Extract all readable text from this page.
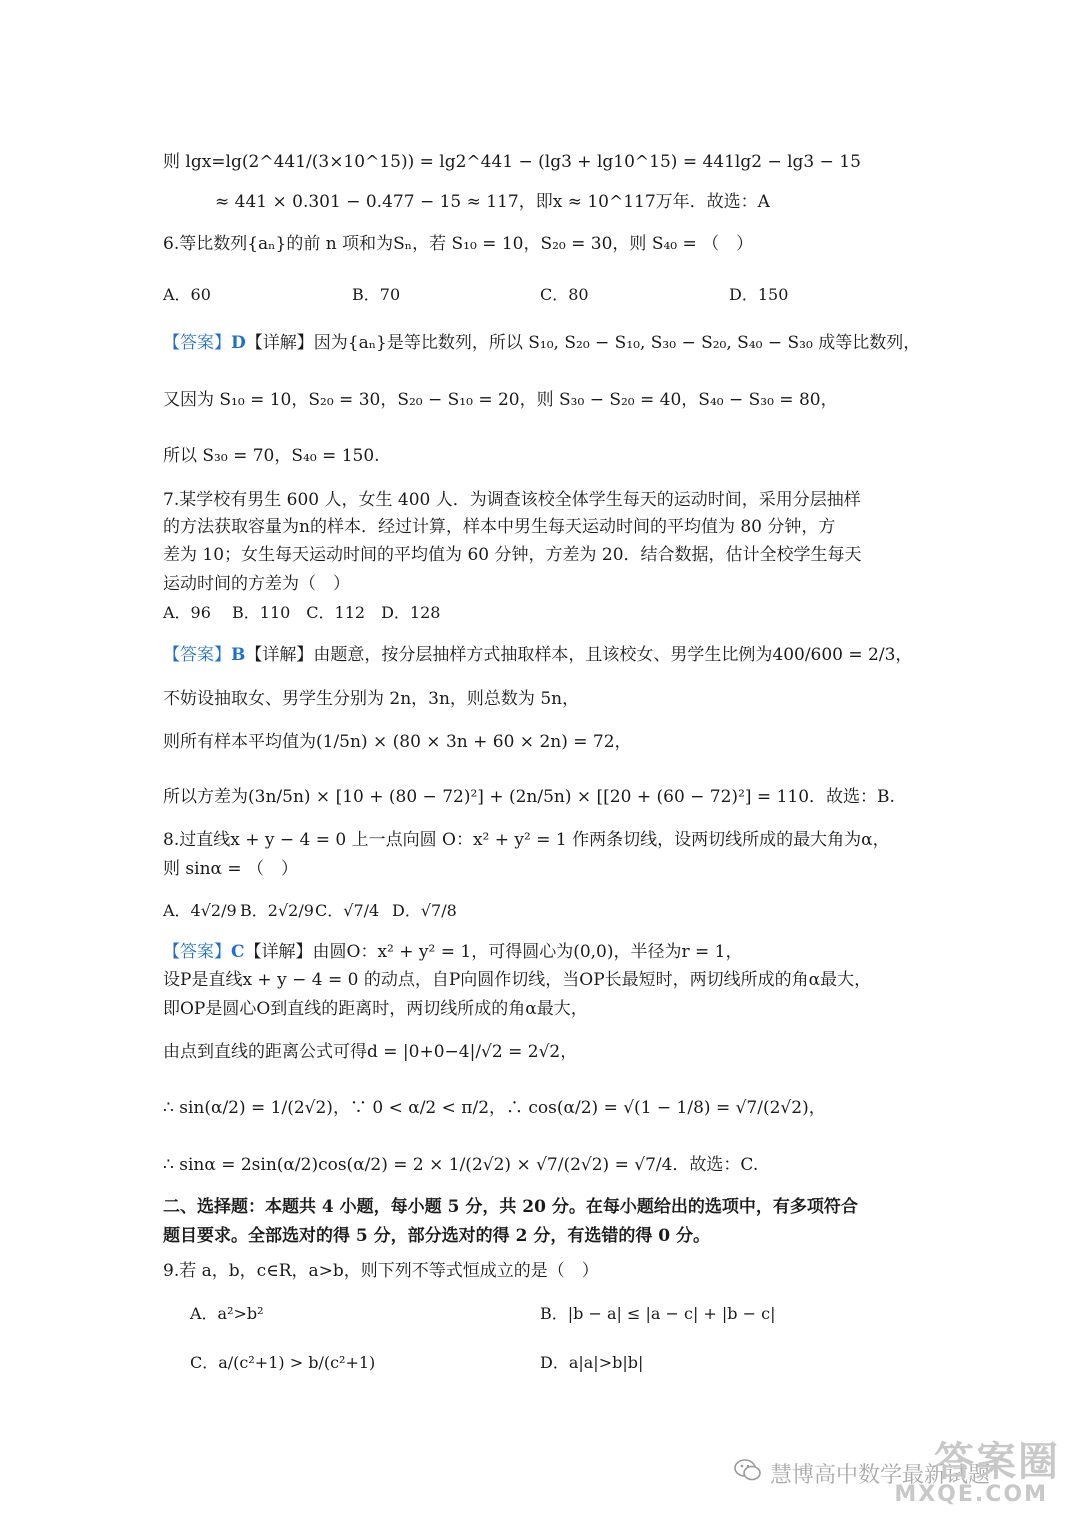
则 lgx=lg(2^441/(3×10^15)) = lg2^441 − (lg3 + lg10^15) = 441lg2 − lg3 − 15
≈ 441 × 0.301 − 0.477 − 15 ≈ 117，即x ≈ 10^117万年．故选：A
6.等比数列{aₙ}的前 n 项和为Sₙ，若 S₁₀ = 10，S₂₀ = 30，则 S₄₀ = （　）
A．60	B．70	C．80	D．150
【答案】D【详解】因为{aₙ}是等比数列，所以 S₁₀, S₂₀ − S₁₀, S₃₀ − S₂₀, S₄₀ − S₃₀ 成等比数列，
又因为 S₁₀ = 10，S₂₀ = 30，S₂₀ − S₁₀ = 20，则 S₃₀ − S₂₀ = 40，S₄₀ − S₃₀ = 80，
所以 S₃₀ = 70，S₄₀ = 150.
7.某学校有男生 600 人，女生 400 人．为调查该校全体学生每天的运动时间，采用分层抽样
的方法获取容量为n的样本．经过计算，样本中男生每天运动时间的平均值为 80 分钟，方
差为 10；女生每天运动时间的平均值为 60 分钟，方差为 20．结合数据，估计全校学生每天
运动时间的方差为（　）
A．96　 B．110　C．112　D．128
【答案】B【详解】由题意，按分层抽样方式抽取样本，且该校女、男学生比例为400/600 = 2/3，
不妨设抽取女、男学生分别为 2n，3n，则总数为 5n，
则所有样本平均值为(1/5n) × (80 × 3n + 60 × 2n) = 72，
所以方差为(3n/5n) × [10 + (80 − 72)²] + (2n/5n) × [[20 + (60 − 72)²] = 110．故选：B.
8.过直线x + y − 4 = 0 上一点向圆 O：x² + y² = 1 作两条切线，设两切线所成的最大角为α，
则 sinα = （　）
A．4√2/9 B．2√2/9 C．√7/4 D．√7/8
【答案】C【详解】由圆O：x² + y² = 1，可得圆心为(0,0)，半径为r = 1，
设P是直线x + y − 4 = 0 的动点，自P向圆作切线，当OP长最短时，两切线所成的角α最大，
即OP是圆心O到直线的距离时，两切线所成的角α最大，
由点到直线的距离公式可得d = |0+0−4|/√2 = 2√2，
∴ sin(α/2) = 1/(2√2)，∵ 0 < α/2 < π/2，∴ cos(α/2) = √(1 − 1/8) = √7/(2√2)，
∴ sinα = 2sin(α/2)cos(α/2) = 2 × 1/(2√2) × √7/(2√2) = √7/4．故选：C.
二、选择题：本题共 4 小题，每小题 5 分，共 20 分。在每小题给出的选项中，有多项符合
题目要求。全部选对的得 5 分，部分选对的得 2 分，有选错的得 0 分。
9.若 a，b，c∈R，a>b，则下列不等式恒成立的是（　）
A．a²>b²	B．|b − a| ≤ |a − c| + |b − c|
C．a/(c²+1) > b/(c²+1)	D．a|a|>b|b|
慧博高中数学最新试题
答案圈
MXQE.COM
